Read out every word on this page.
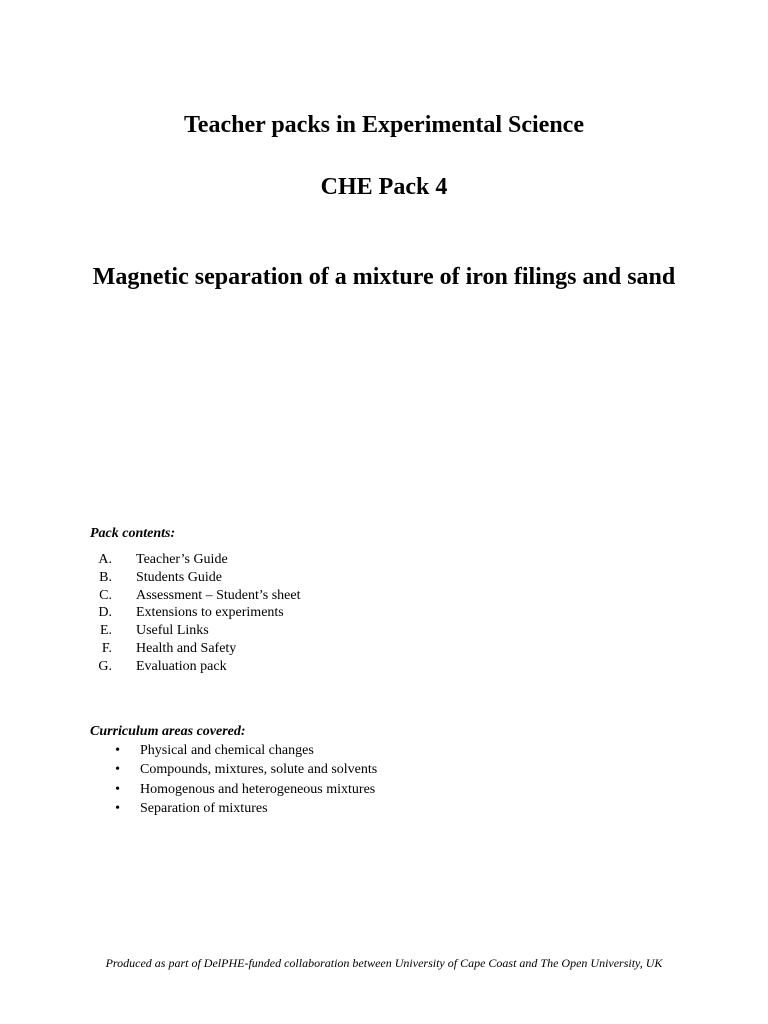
Teacher packs in Experimental Science
CHE Pack 4
Magnetic separation of a mixture of iron filings and sand

Pack contents:

A. Teacher’s Guide
B. Students Guide
C. Assessment – Student’s sheet
D. Extensions to experiments
E. Useful Links
F. Health and Safety
G. Evaluation pack

Curriculum areas covered:

• Physical and chemical changes
• Compounds, mixtures, solute and solvents
• Homogenous and heterogeneous mixtures
• Separation of mixtures

Produced as part of DelPHE-funded collaboration between University of Cape Coast and The Open University, UK
